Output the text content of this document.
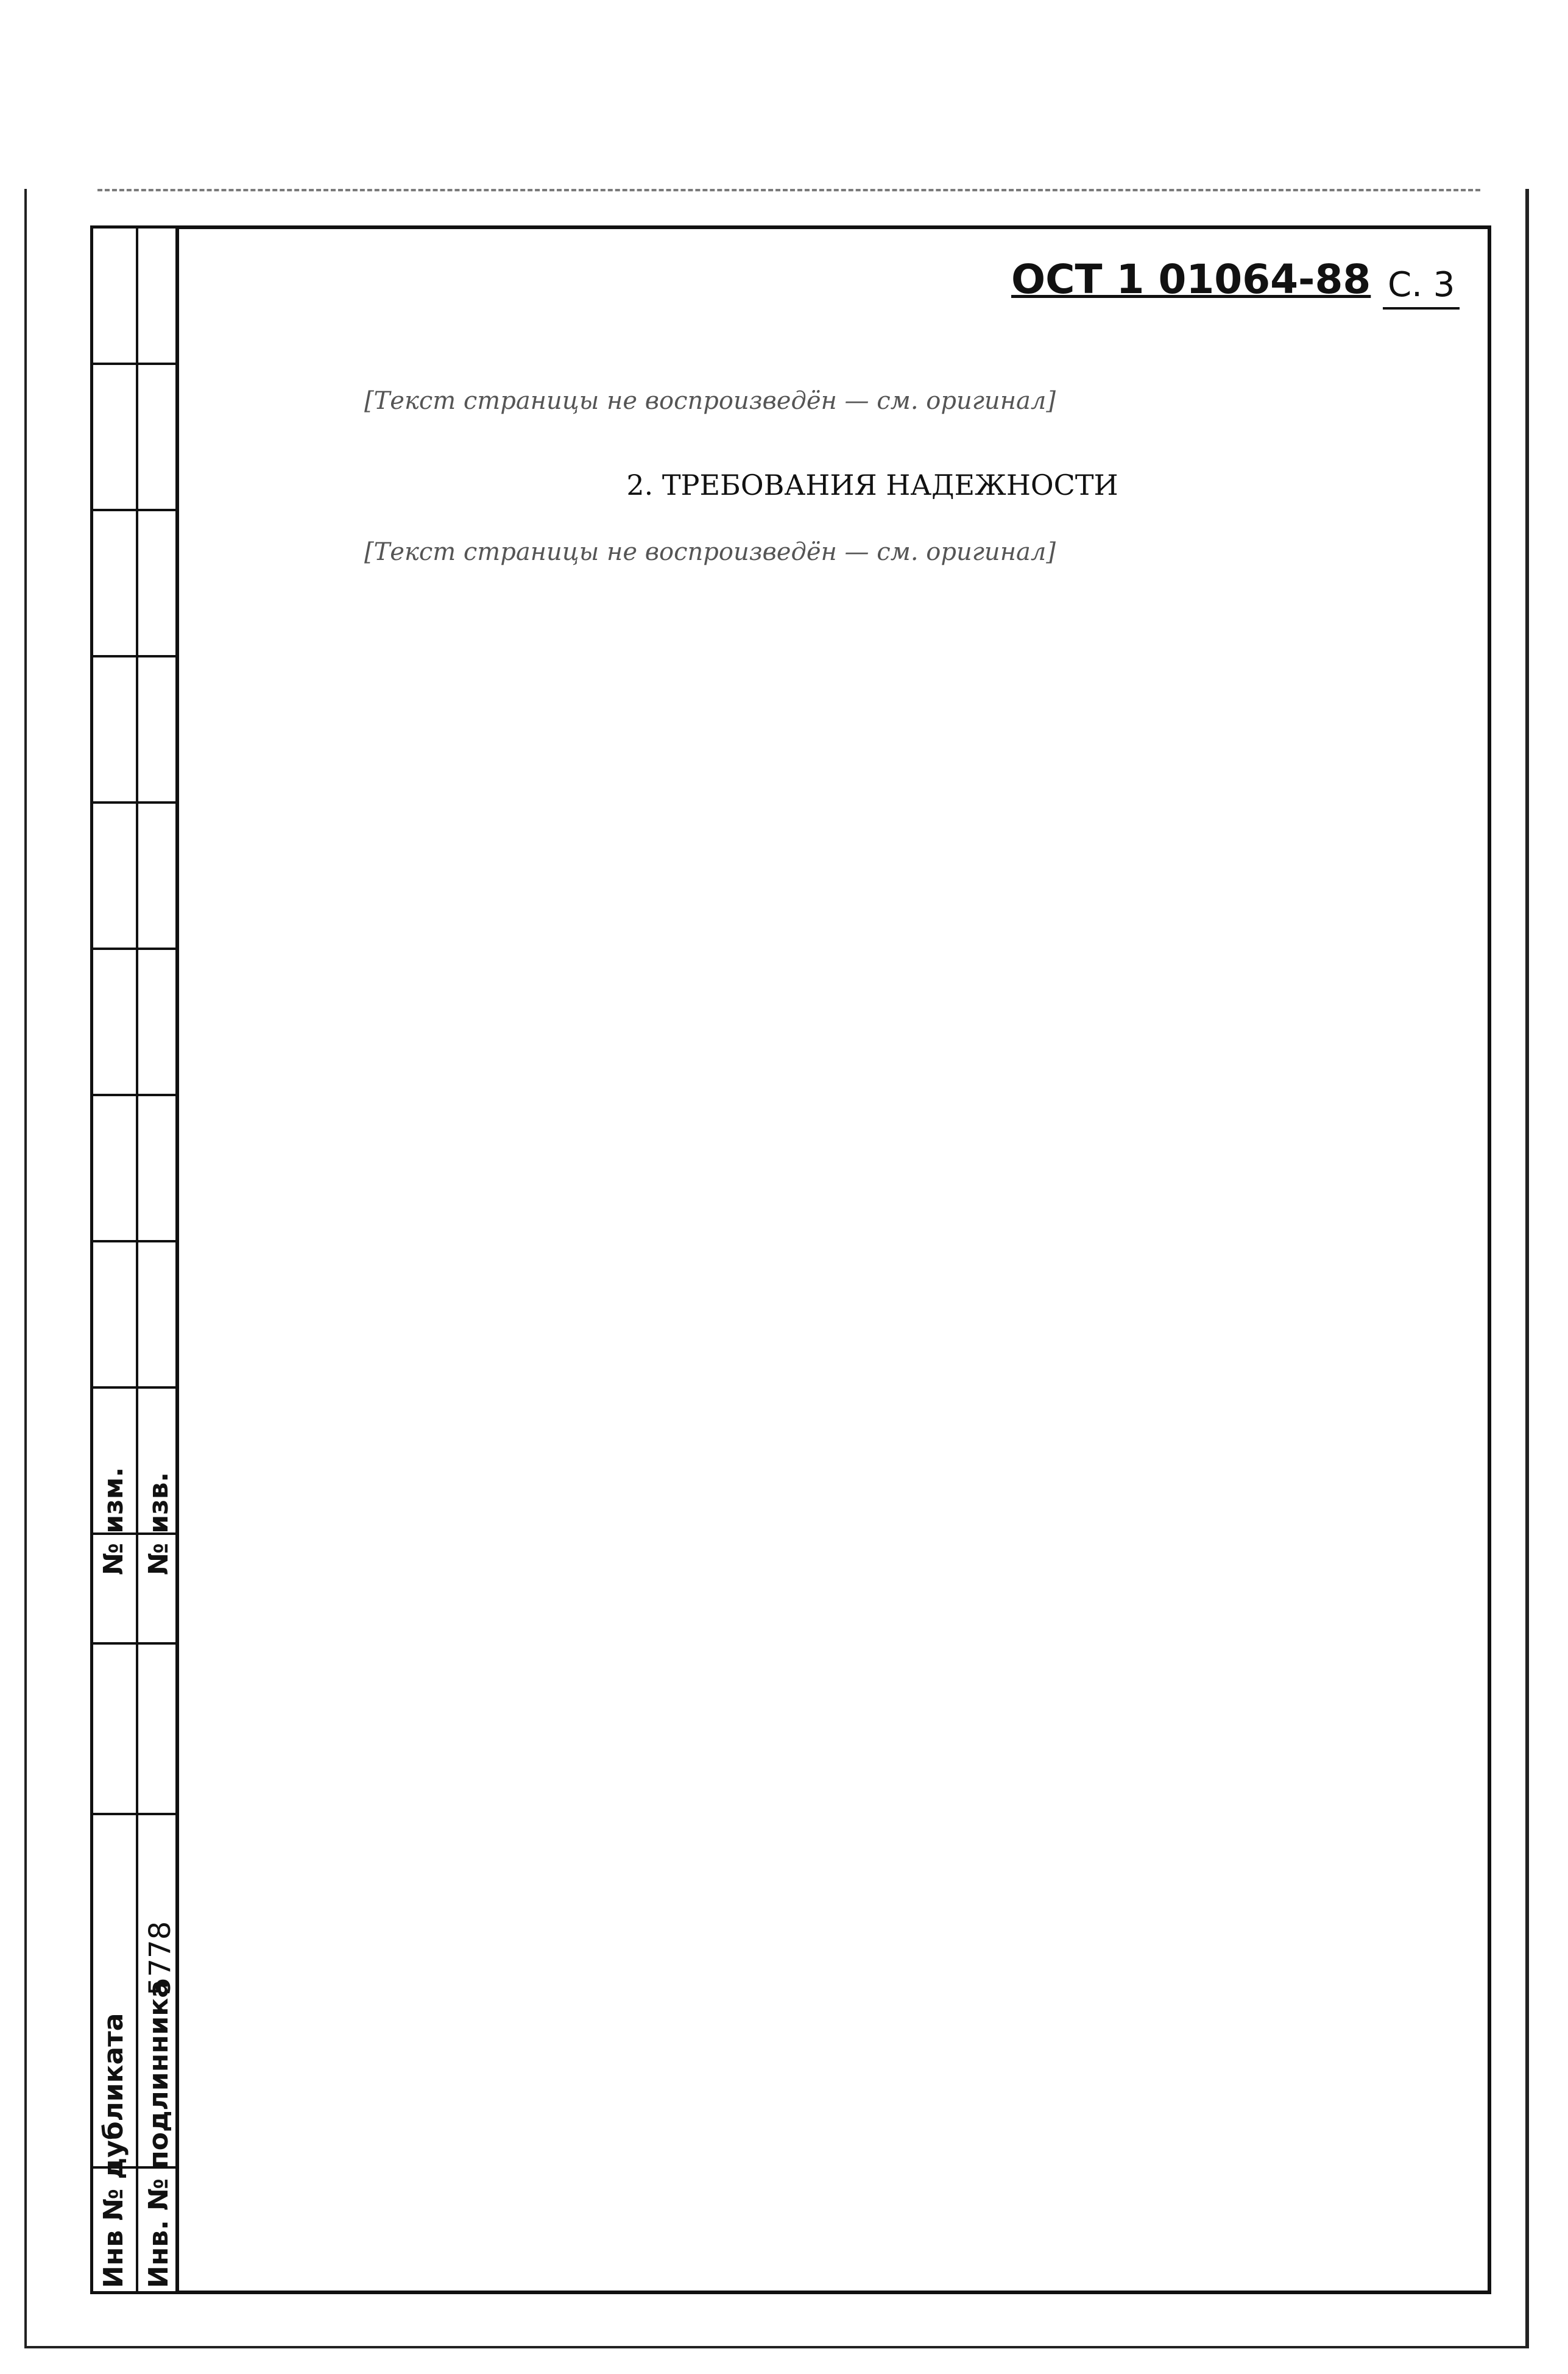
№ изм. № изв.
5778
Инв № дубликата Инв. № подлинника
ОСТ 1 01064-88 С. 3

[Текст страницы не воспроизведён — см. оригинал]

2. ТРЕБОВАНИЯ НАДЕЖНОСТИ

[Текст страницы не воспроизведён — см. оригинал]
